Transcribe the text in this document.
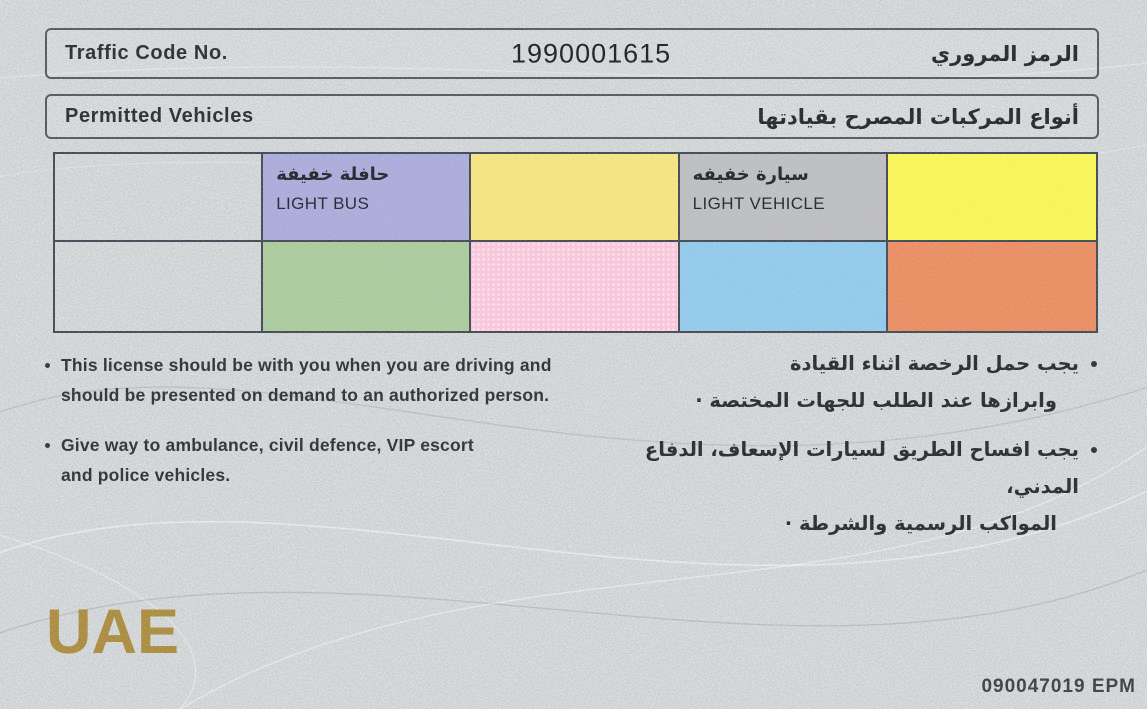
Traffic Code No.	1990001615	الرمز المروري
Permitted Vehicles	أنواع المركبات المصرح بقيادتها
حافلة خفيفة
LIGHT BUS
سيارة خفيفه
LIGHT VEHICLE
This license should be with you when you are driving and
should be presented on demand to an authorized person.
Give way to ambulance, civil defence, VIP escort
and police vehicles.
يجب حمل الرخصة اثناء القيادة
وابرازها عند الطلب للجهات المختصة ·
يجب افساح الطريق لسيارات الإسعاف، الدفاع المدني،
المواكب الرسمية والشرطة ·
UAE
090047019 EPM
